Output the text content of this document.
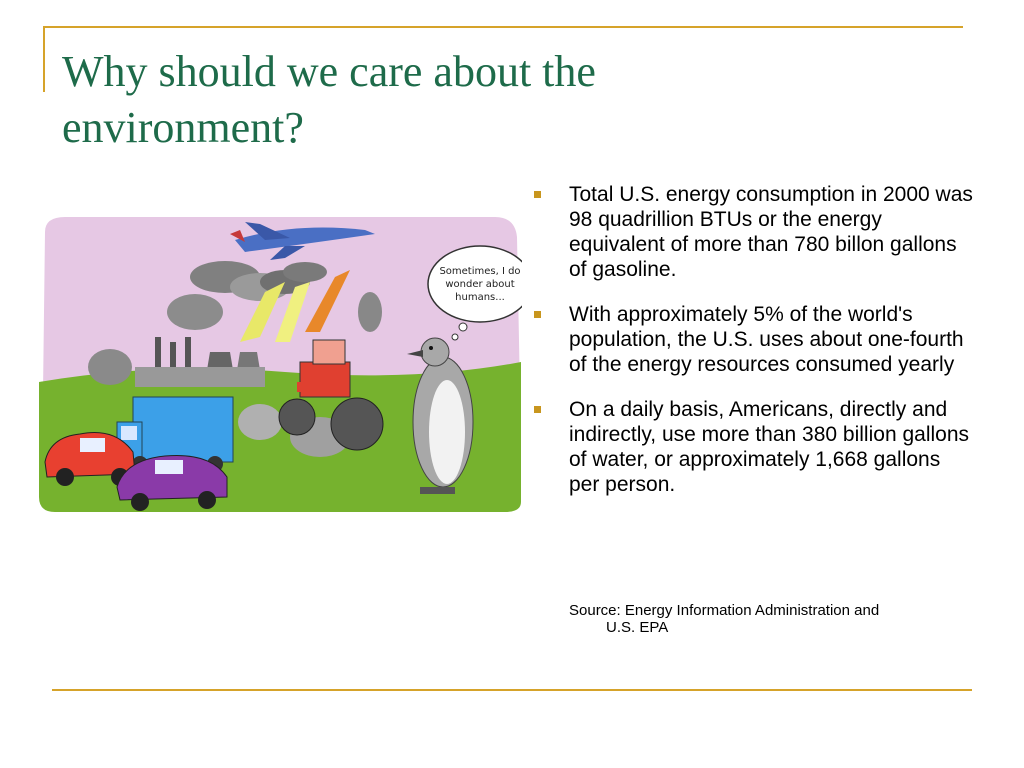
Why should we care about the environment?
Sometimes, I do
wonder about
humans...
Total U.S. energy consumption in 2000 was 98 quadrillion BTUs or the energy equivalent of more than 780 billon gallons of gasoline.
With approximately 5% of the world's population, the U.S. uses about one-fourth of the energy resources consumed yearly
On a daily basis, Americans, directly and indirectly, use more than 380 billion gallons of water, or approximately 1,668 gallons per person.
Source: Energy Information Administration and
U.S. EPA
